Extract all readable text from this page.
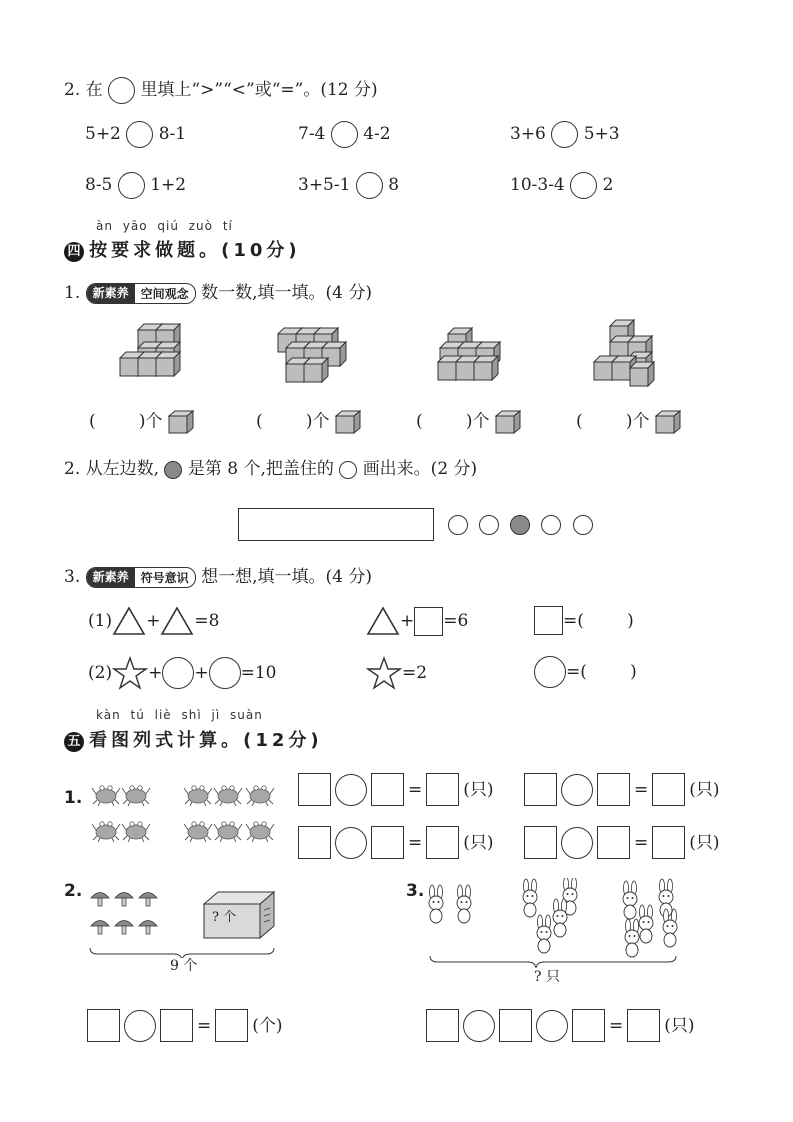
2. 在 里填上“>”“<”或“=”。(12 分)
5+2 8-1	7-4 4-2	3+6 5+3
8-5 1+2	3+5-1 8	10-3-4 2
àn yāo qiú zuò tí
四 按要求做题。(10分)
1.	新素养	空间观念 数一数,填一填。(4 分)
(        )个	(        )个	(        )个	(        )个
2. 从左边数, 是第 8 个,把盖住的 画出来。(2 分)

3.	新素养	符号意识 想一想,填一填。(4 分)
(1) + =8	+ =6	=(        )
(2) + + =10	=2	=(        )
kàn tú liè shì jì suàn
五 看图列式计算。(12分)
1.	= (只)	= (只)
= (只)	= (只)
2.
? 个
9 个
= (个)
3.
? 只
= (只)
